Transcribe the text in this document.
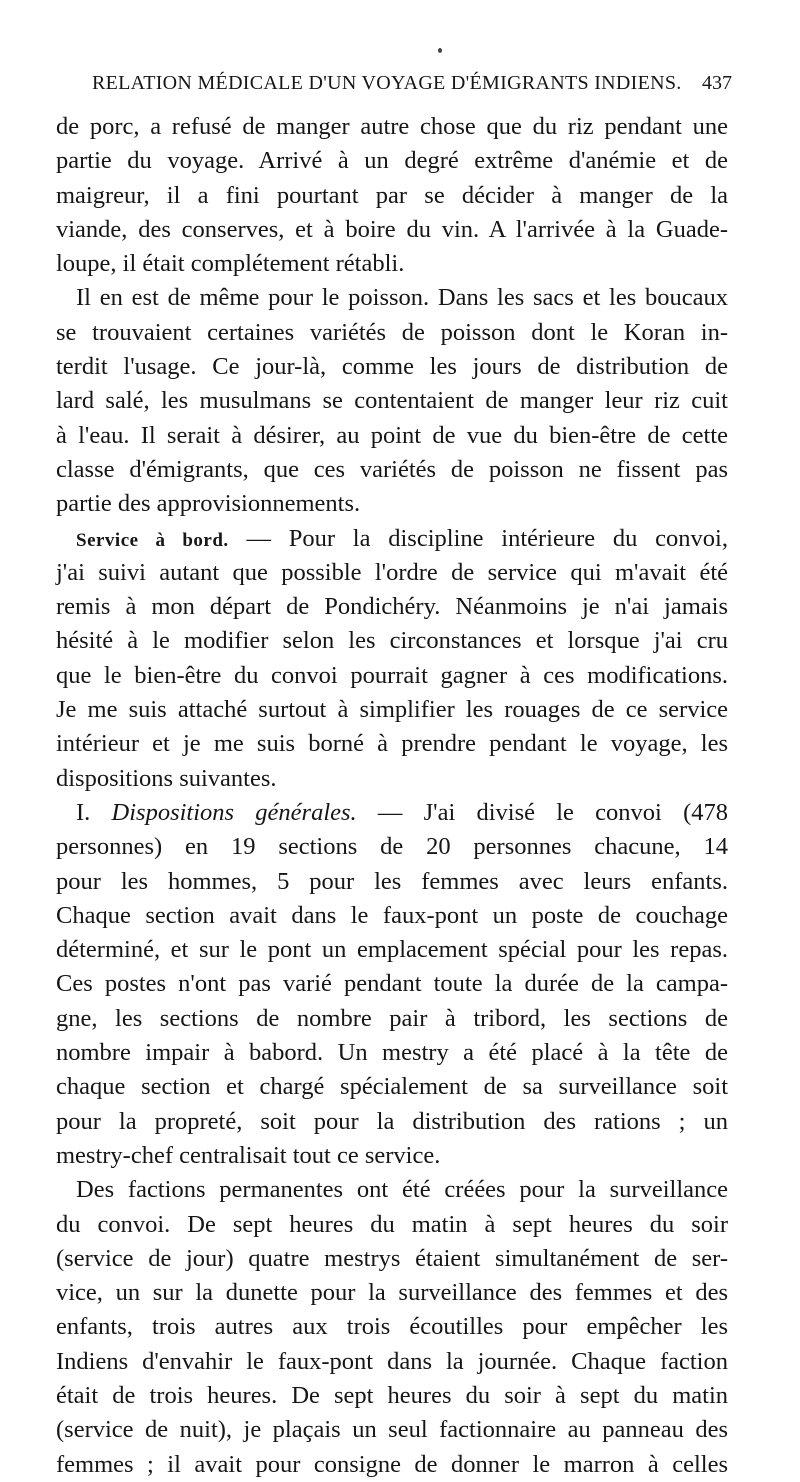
RELATION MÉDICALE D'UN VOYAGE D'ÉMIGRANTS INDIENS. 437
de porc, a refusé de manger autre chose que du riz pendant une
partie du voyage. Arrivé à un degré extrême d'anémie et de
maigreur, il a fini pourtant par se décider à manger de la
viande, des conserves, et à boire du vin. A l'arrivée à la Guade-
loupe, il était complétement rétabli.
Il en est de même pour le poisson. Dans les sacs et les boucaux
se trouvaient certaines variétés de poisson dont le Koran in-
terdit l'usage. Ce jour-là, comme les jours de distribution de
lard salé, les musulmans se contentaient de manger leur riz cuit
à l'eau. Il serait à désirer, au point de vue du bien-être de cette
classe d'émigrants, que ces variétés de poisson ne fissent pas
partie des approvisionnements.
Service à bord. — Pour la discipline intérieure du convoi,
j'ai suivi autant que possible l'ordre de service qui m'avait été
remis à mon départ de Pondichéry. Néanmoins je n'ai jamais
hésité à le modifier selon les circonstances et lorsque j'ai cru
que le bien-être du convoi pourrait gagner à ces modifications.
Je me suis attaché surtout à simplifier les rouages de ce service
intérieur et je me suis borné à prendre pendant le voyage, les
dispositions suivantes.
I. Dispositions générales. — J'ai divisé le convoi (478
personnes) en 19 sections de 20 personnes chacune, 14
pour les hommes, 5 pour les femmes avec leurs enfants.
Chaque section avait dans le faux-pont un poste de couchage
déterminé, et sur le pont un emplacement spécial pour les repas.
Ces postes n'ont pas varié pendant toute la durée de la campa-
gne, les sections de nombre pair à tribord, les sections de
nombre impair à babord. Un mestry a été placé à la tête de
chaque section et chargé spécialement de sa surveillance soit
pour la propreté, soit pour la distribution des rations ; un
mestry-chef centralisait tout ce service.
Des factions permanentes ont été créées pour la surveillance
du convoi. De sept heures du matin à sept heures du soir
(service de jour) quatre mestrys étaient simultanément de ser-
vice, un sur la dunette pour la surveillance des femmes et des
enfants, trois autres aux trois écoutilles pour empêcher les
Indiens d'envahir le faux-pont dans la journée. Chaque faction
était de trois heures. De sept heures du soir à sept du matin
(service de nuit), je plaçais un seul factionnaire au panneau des
femmes ; il avait pour consigne de donner le marron à celles
